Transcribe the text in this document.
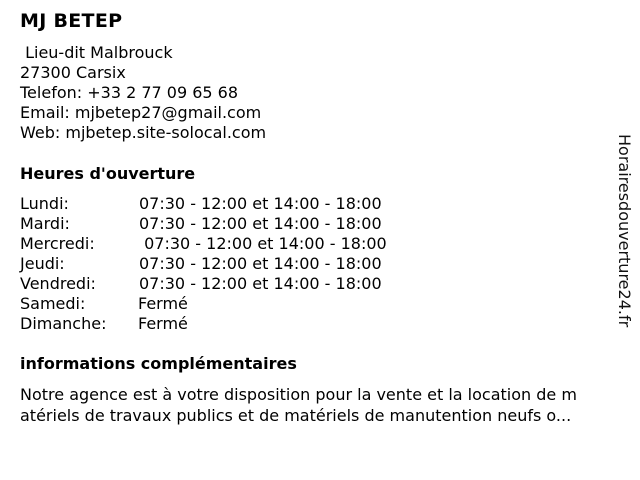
MJ BETEP
Lieu-dit Malbrouck
27300 Carsix
Telefon: +33 2 77 09 65 68
Email: mjbetep27@gmail.com
Web: mjbetep.site-solocal.com
Heures d'ouverture

Lundi:

	07:30 - 12:00 et 14:00 - 18:00

Mardi:

	07:30 - 12:00 et 14:00 - 18:00

Mercredi:

	07:30 - 12:00 et 14:00 - 18:00

Jeudi:

	07:30 - 12:00 et 14:00 - 18:00

Vendredi:

	07:30 - 12:00 et 14:00 - 18:00

Samedi:

	Fermé

Dimanche:

Fermé

informations complémentaires
Notre agence est à votre disposition pour la vente et la location de m
atériels de travaux publics et de matériels de manutention neufs o...
Horairesdouverture24.fr
